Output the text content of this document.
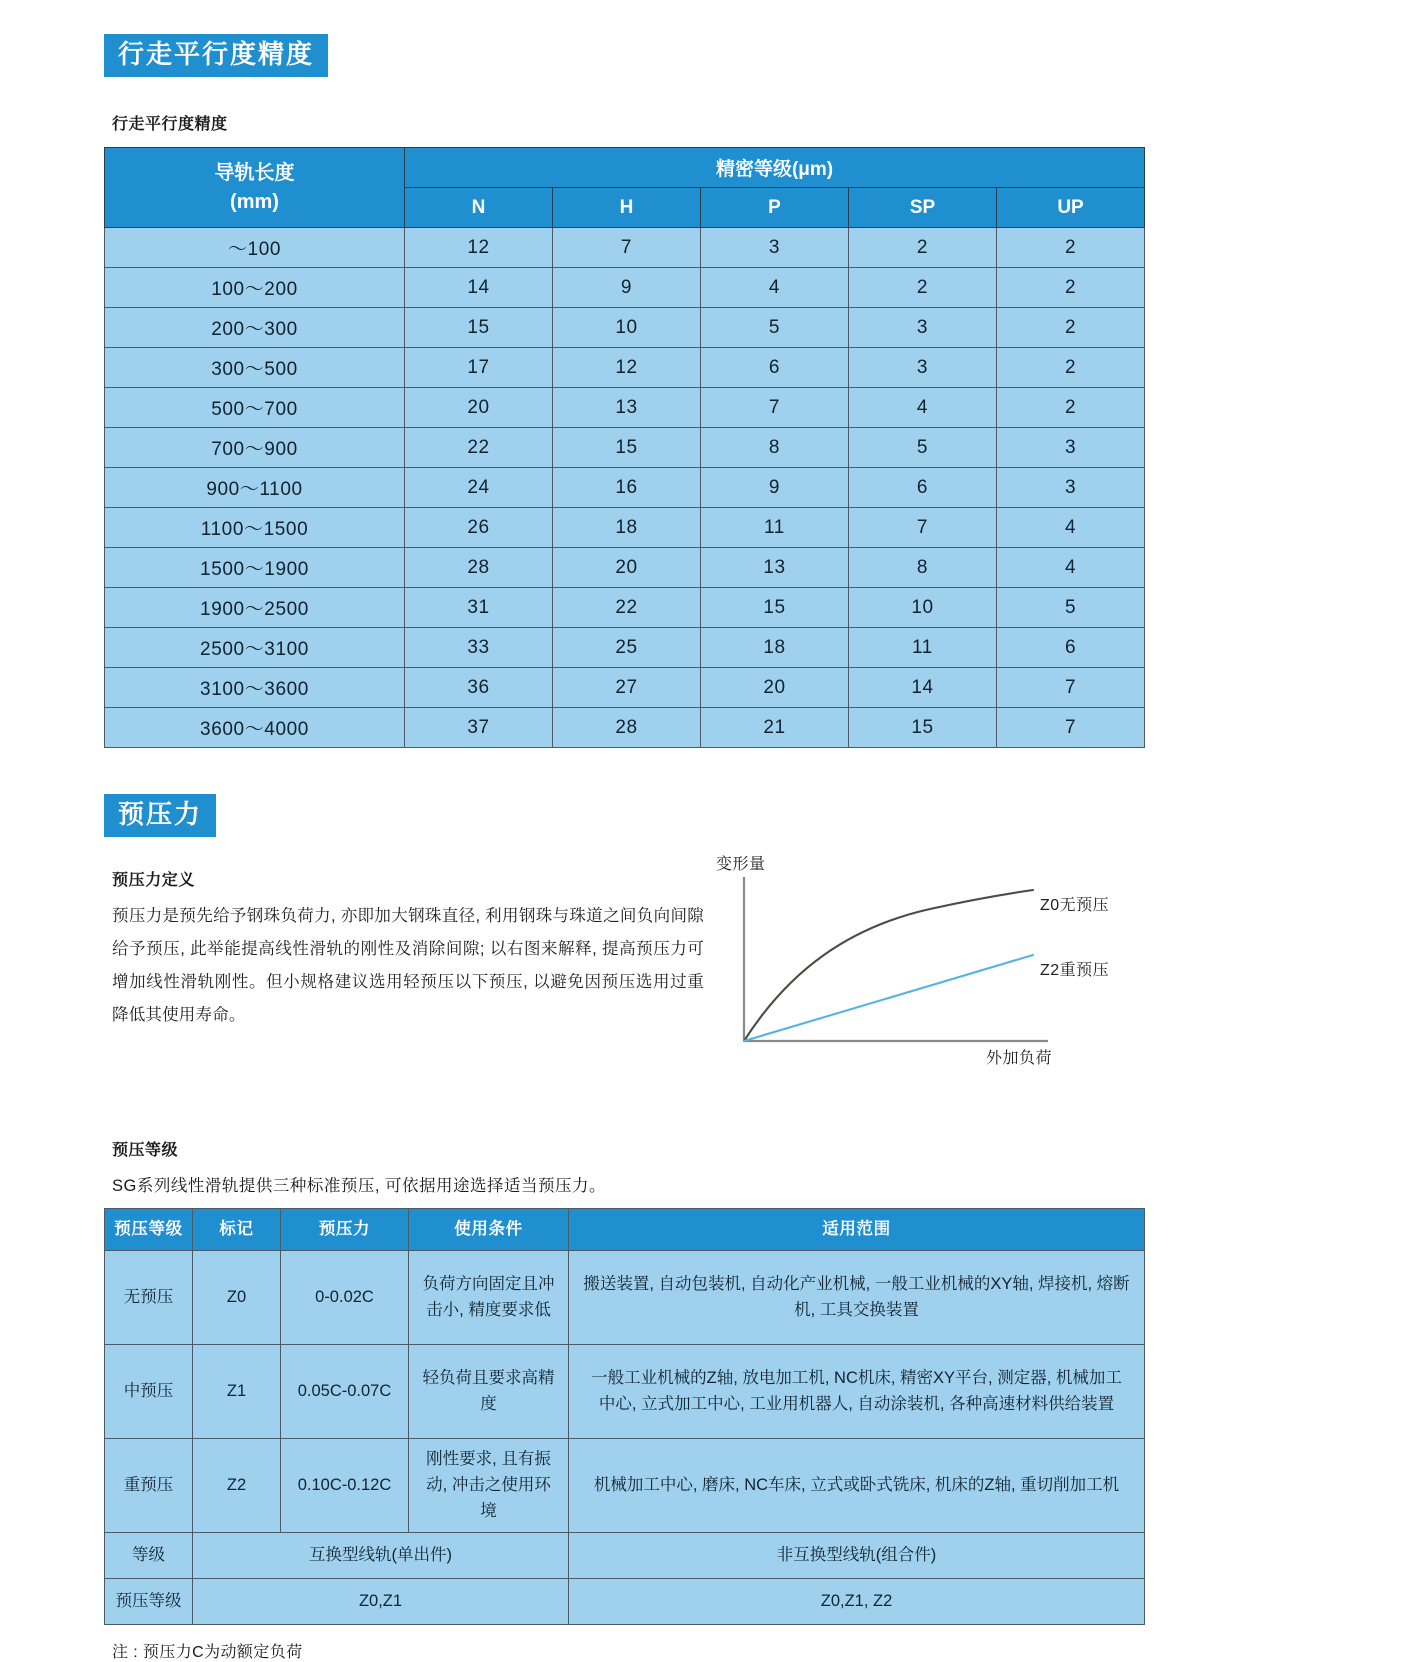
行走平行度精度
行走平行度精度
导轨长度
(mm)	精密等级(μm)				
	N	H	P	SP	UP
～100	12	7	3	2	2
100～200	14	9	4	2	2
200～300	15	10	5	3	2
300～500	17	12	6	3	2
500～700	20	13	7	4	2
700～900	22	15	8	5	3
900～1100	24	16	9	6	3
1100～1500	26	18	11	7	4
1500～1900	28	20	13	8	4
1900～2500	31	22	15	10	5
2500～3100	33	25	18	11	6
3100～3600	36	27	20	14	7
3600～4000	37	28	21	15	7
预压力
预压力定义
预压力是预先给予钢珠负荷力, 亦即加大钢珠直径, 利用钢珠与珠道之间负向间隙给予预压, 此举能提高线性滑轨的刚性及消除间隙; 以右图来解释, 提高预压力可增加线性滑轨刚性。但小规格建议选用轻预压以下预压, 以避免因预压选用过重降低其使用寿命。
变形量
外加负荷
Z0无预压
Z2重预压
预压等级
SG系列线性滑轨提供三种标准预压, 可依据用途选择适当预压力。
预压等级	标记	预压力	使用条件	适用范围
无预压	Z0	0-0.02C	负荷方向固定且冲击小, 精度要求低	搬送装置, 自动包装机, 自动化产业机械, 一般工业机械的XY轴, 焊接机, 熔断机, 工具交换装置
中预压	Z1	0.05C-0.07C	轻负荷且要求高精度	一般工业机械的Z轴, 放电加工机, NC机床, 精密XY平台, 测定器, 机械加工中心, 立式加工中心, 工业用机器人, 自动涂装机, 各种高速材料供给装置
重预压	Z2	0.10C-0.12C	刚性要求, 且有振动, 冲击之使用环境	机械加工中心, 磨床, NC车床, 立式或卧式铣床, 机床的Z轴, 重切削加工机
等级	互换型线轨(单出件)			非互换型线轨(组合件)
预压等级	Z0,Z1			Z0,Z1, Z2
注 : 预压力C为动额定负荷
